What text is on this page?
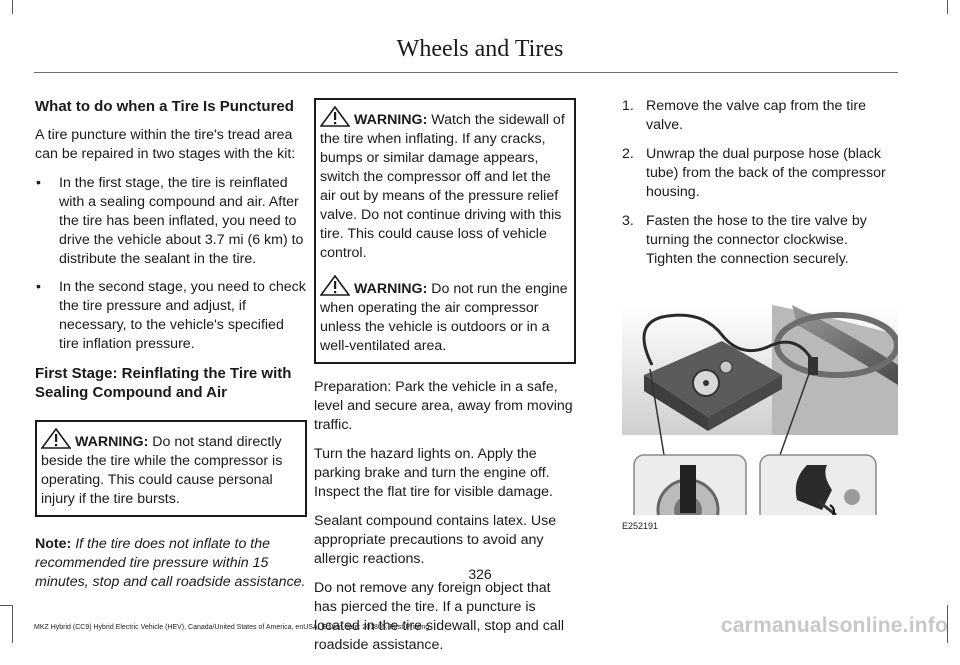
Wheels and Tires
What to do when a Tire Is Punctured

A tire puncture within the tire's tread area can be repaired in two stages with the kit:

• In the first stage, the tire is reinflated with a sealing compound and air. After the tire has been inflated, you need to drive the vehicle about 3.7 mi (6 km) to distribute the sealant in the tire.
• In the second stage, you need to check the tire pressure and adjust, if necessary, to the vehicle's specified tire inflation pressure.
First Stage: Reinflating the Tire with Sealing Compound and Air
WARNING: Do not stand directly beside the tire while the compressor is operating. This could cause personal injury if the tire bursts.

Note: If the tire does not inflate to the recommended tire pressure within 15 minutes, stop and call roadside assistance.

WARNING: Watch the sidewall of the tire when inflating. If any cracks, bumps or similar damage appears, switch the compressor off and let the air out by means of the pressure relief valve. Do not continue driving with this tire. This could cause loss of vehicle control.
WARNING: Do not run the engine when operating the air compressor unless the vehicle is outdoors or in a well-ventilated area.

Preparation: Park the vehicle in a safe, level and secure area, away from moving traffic.

Turn the hazard lights on. Apply the parking brake and turn the engine off. Inspect the flat tire for visible damage.

Sealant compound contains latex. Use appropriate precautions to avoid any allergic reactions.

Do not remove any foreign object that has pierced the tire. If a puncture is located in the tire sidewall, stop and call roadside assistance.

1. Remove the valve cap from the tire valve.
2. Unwrap the dual purpose hose (black tube) from the back of the compressor housing.
3. Fasten the hose to the tire valve by turning the connector clockwise. Tighten the connection securely.
E252191
326
MKZ Hybrid (CC9) Hybrid Electric Vehicle (HEV), Canada/United States of America, enUSA, Edition date: 201805, First-Printing	carmanualsonline.info
